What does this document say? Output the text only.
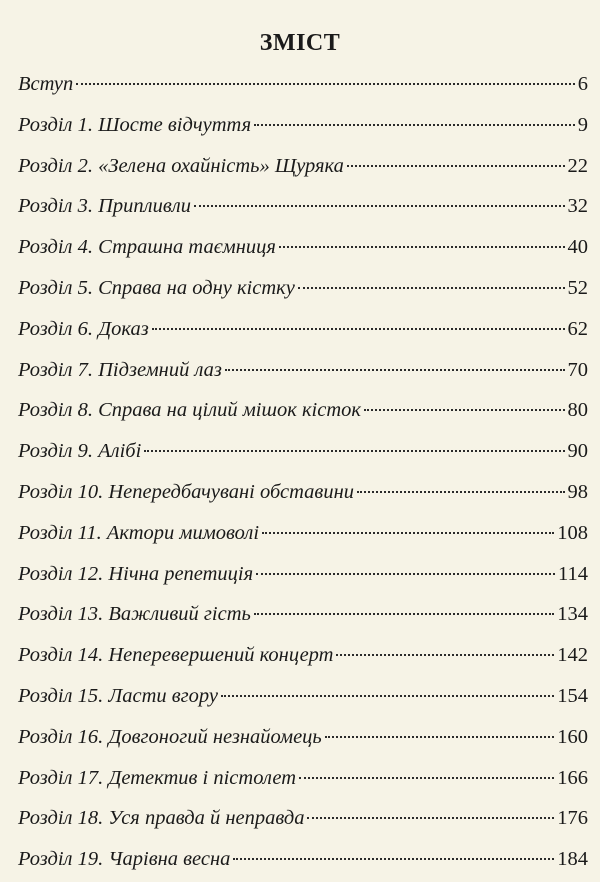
ЗМІСТ
Вступ	6
Розділ 1. Шосте відчуття	9
Розділ 2. «Зелена охайність» Щуряка	22
Розділ 3. Припливли	32
Розділ 4. Страшна таємниця	40
Розділ 5. Справа на одну кістку	52
Розділ 6. Доказ	62
Розділ 7. Підземний лаз	70
Розділ 8. Справа на цілий мішок кісток	80
Розділ 9. Алібі	90
Розділ 10. Непередбачувані обставини	98
Розділ 11. Актори мимоволі	108
Розділ 12. Нічна репетиція	114
Розділ 13. Важливий гість	134
Розділ 14. Неперевершений концерт	142
Розділ 15. Ласти вгору	154
Розділ 16. Довгоногий незнайомець	160
Розділ 17. Детектив і пістолет	166
Розділ 18. Уся правда й неправда	176
Розділ 19. Чарівна весна	184
